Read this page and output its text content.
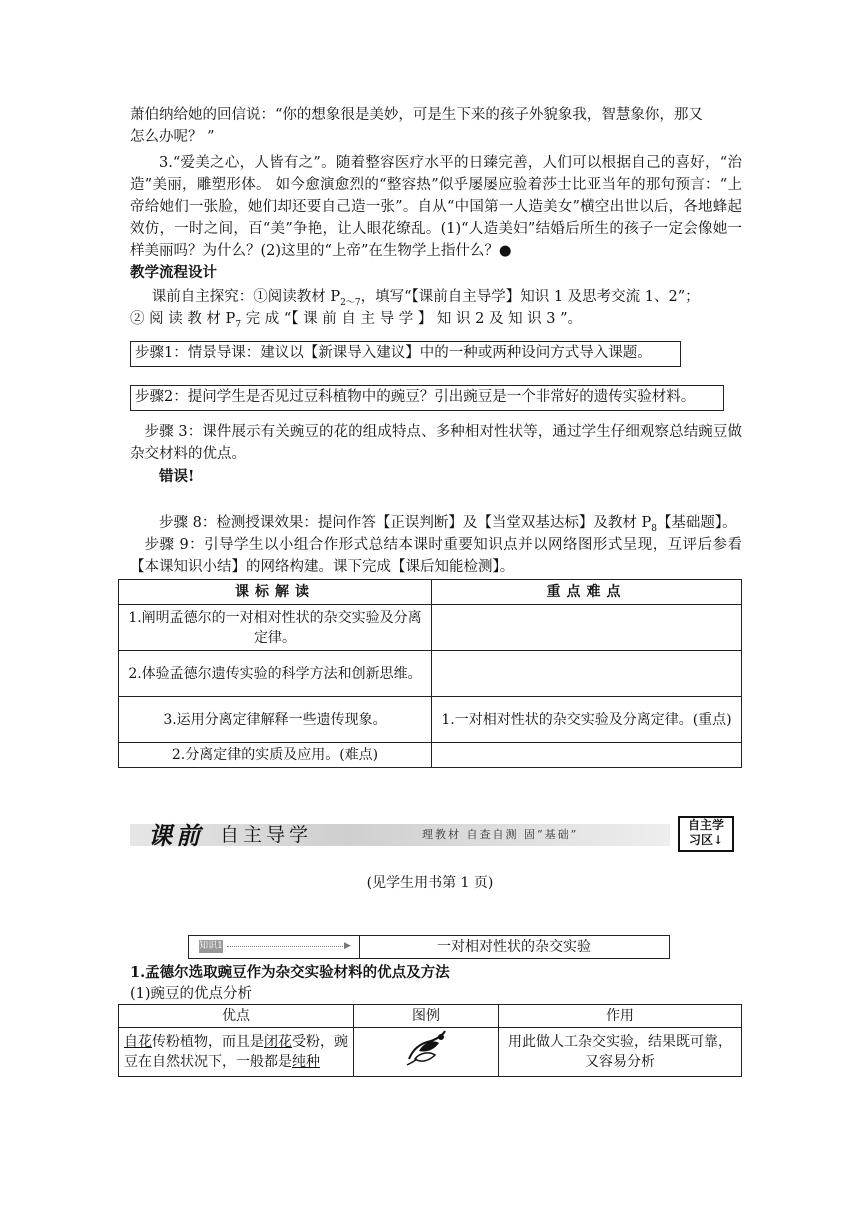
萧伯纳给她的回信说：“你的想象很是美妙，可是生下来的孩子外貌象我，智慧象你，那又
怎么办呢？ ”
3.“爱美之心，人皆有之”。随着整容医疗水平的日臻完善，人们可以根据自己的喜好，“治造”美丽，雕塑形体。 如今愈演愈烈的“整容热”似乎屡屡应验着莎士比亚当年的那句预言：“上帝给她们一张脸，她们却还要自己造一张”。自从“中国第一人造美女”横空出世以后，各地蜂起效仿，一时之间，百“美”争艳，让人眼花缭乱。(1)“人造美妇”结婚后所生的孩子一定会像她一样美丽吗？为什么？(2)这里的“上帝”在生物学上指什么？●
教学流程设计
课前自主探究：①阅读教材 $P_{2\sim 7}$，填写“【课前自主导学】知识 1 及思考交流 1、2”；
② 阅 读 教 材 $P_7$ 完 成 “【 课 前 自 主 导 学 】 知 识 2 及 知 识 3 ”。
步骤1：情景导课：建议以【新课导入建议】中的一种或两种设问方式导入课题。
步骤2：提问学生是否见过豆科植物中的豌豆？引出豌豆是一个非常好的遗传实验材料。
步骤 3：课件展示有关豌豆的花的组成特点、多种相对性状等，通过学生仔细观察总结豌豆做杂交材料的优点。
错误!
步骤 8：检测授课效果：提问作答【正误判断】及【当堂双基达标】及教材 $P_8$【基础题】。
步骤 9：引导学生以小组合作形式总结本课时重要知识点并以网络图形式呈现，互评后参看【本课知识小结】的网络构建。课下完成【课后知能检测】。
课标解读	重点难点
1.阐明孟德尔的一对相对性状的杂交实验及分离定律。	
2.体验孟德尔遗传实验的科学方法和创新思维。	
3.运用分离定律解释一些遗传现象。	1.一对相对性状的杂交实验及分离定律。(重点)
2.分离定律的实质及应用。(难点)	
课前 自主导学	理教材 自查自测 固“基础”
自主学
习区↓
(见学生用书第 1 页)
知识1	▶	一对相对性状的杂交实验
1.孟德尔选取豌豆作为杂交实验材料的优点及方法
(1)豌豆的优点分析
优点	图例	作用
自花传粉植物，而且是闭花受粉，豌豆在自然状况下，一般都是纯种		用此做人工杂交实验，结果既可靠，又容易分析
